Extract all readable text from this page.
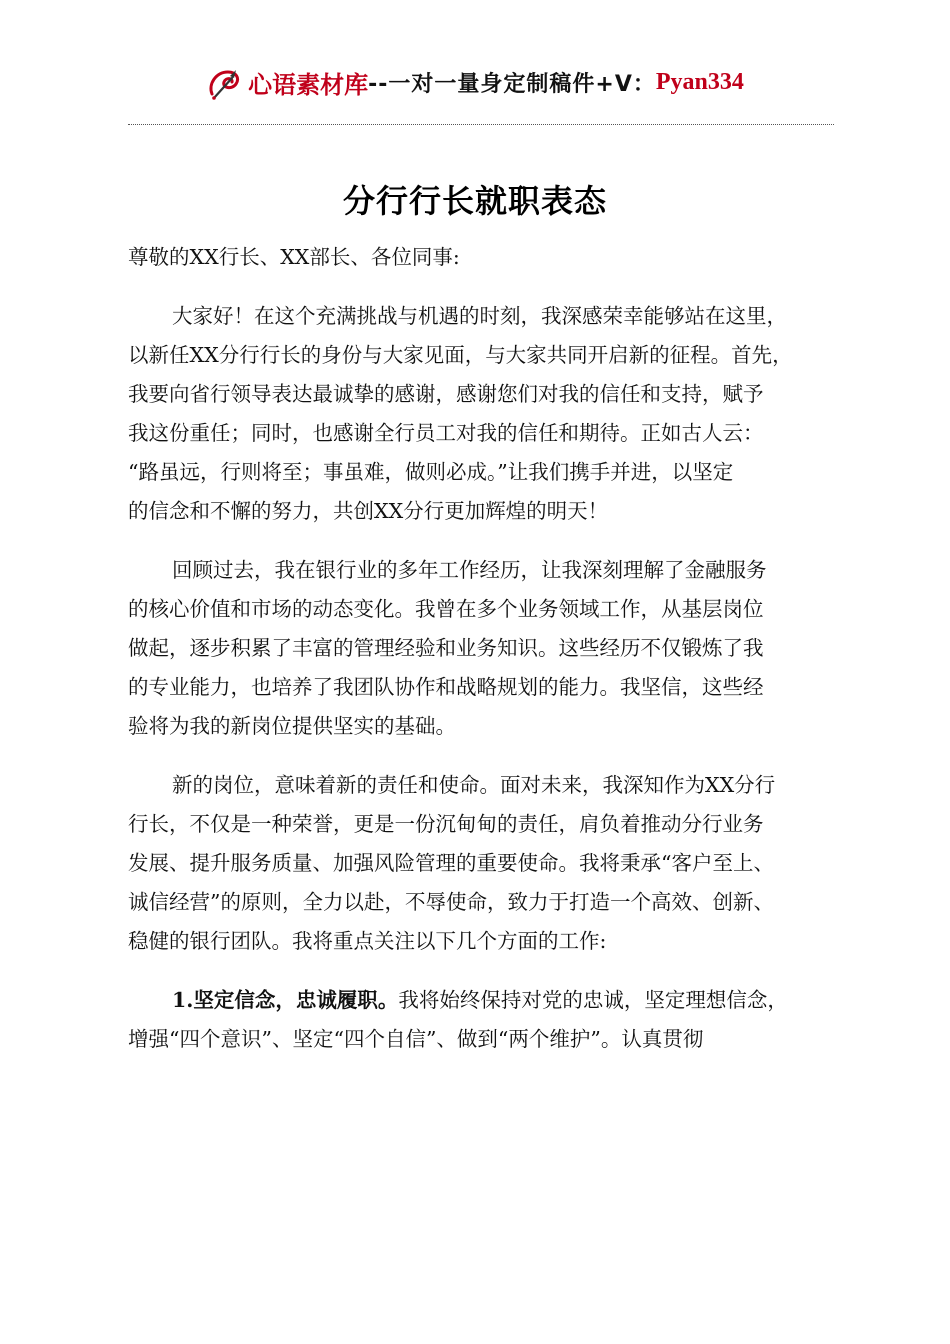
心语素材库 --一对一量身定制稿件+V： Pyan334
分行行长就职表态
尊敬的XX行长、XX部长、各位同事:
大家好！在这个充满挑战与机遇的时刻，我深感荣幸能够站在这里，
以新任XX分行行长的身份与大家见面，与大家共同开启新的征程。首先，
我要向省行领导表达最诚挚的感谢，感谢您们对我的信任和支持，赋予
我这份重任；同时，也感谢全行员工对我的信任和期待。正如古人云：
“路虽远，行则将至；事虽难，做则必成。”让我们携手并进，以坚定
的信念和不懈的努力，共创XX分行更加辉煌的明天！
回顾过去，我在银行业的多年工作经历，让我深刻理解了金融服务
的核心价值和市场的动态变化。我曾在多个业务领域工作，从基层岗位
做起，逐步积累了丰富的管理经验和业务知识。这些经历不仅锻炼了我
的专业能力，也培养了我团队协作和战略规划的能力。我坚信，这些经
验将为我的新岗位提供坚实的基础。
新的岗位，意味着新的责任和使命。面对未来，我深知作为XX分行
行长，不仅是一种荣誉，更是一份沉甸甸的责任，肩负着推动分行业务
发展、提升服务质量、加强风险管理的重要使命。我将秉承“客户至上、
诚信经营”的原则，全力以赴，不辱使命，致力于打造一个高效、创新、
稳健的银行团队。我将重点关注以下几个方面的工作:
1.坚定信念，忠诚履职。我将始终保持对党的忠诚，坚定理想信念，
增强“四个意识”、坚定“四个自信”、做到“两个维护”。认真贯彻
